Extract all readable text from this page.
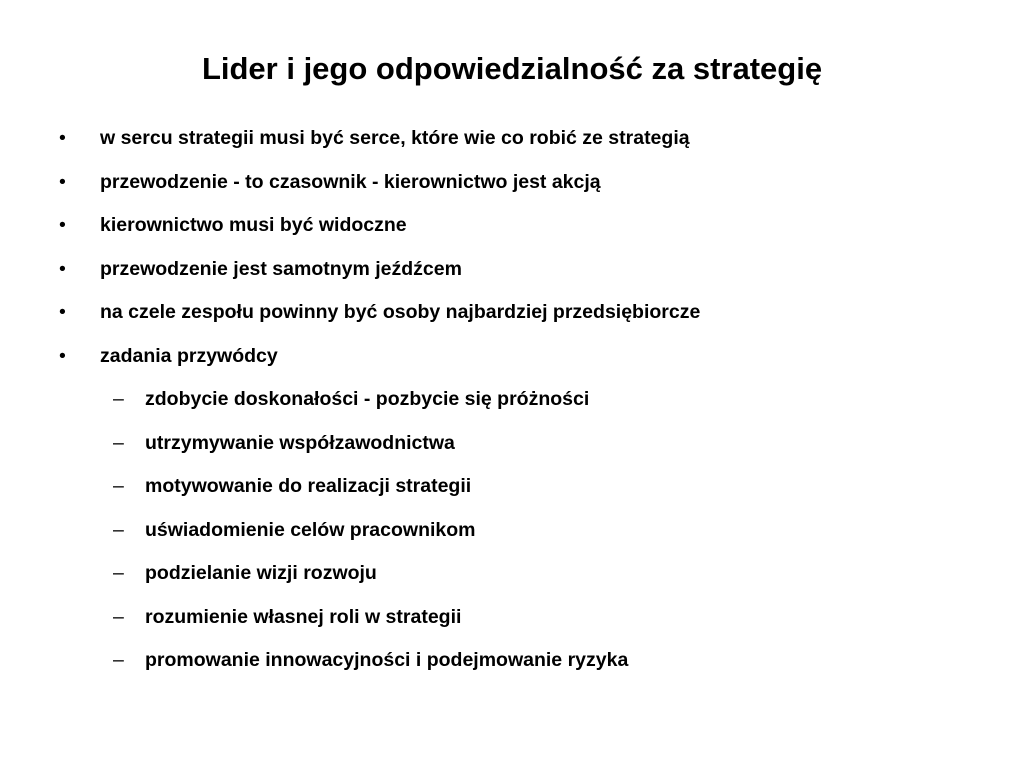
Lider i jego odpowiedzialność za strategię
• w sercu strategii musi być serce, które wie co robić ze strategią
• przewodzenie - to czasownik - kierownictwo jest akcją
• kierownictwo musi być widoczne
• przewodzenie jest samotnym jeźdźcem
• na czele zespołu powinny być osoby najbardziej przedsiębiorcze
• zadania przywódcy
– zdobycie doskonałości - pozbycie się próżności
– utrzymywanie współzawodnictwa
– motywowanie do realizacji strategii
– uświadomienie celów pracownikom
– podzielanie wizji rozwoju
– rozumienie własnej roli w strategii
– promowanie innowacyjności i podejmowanie ryzyka
